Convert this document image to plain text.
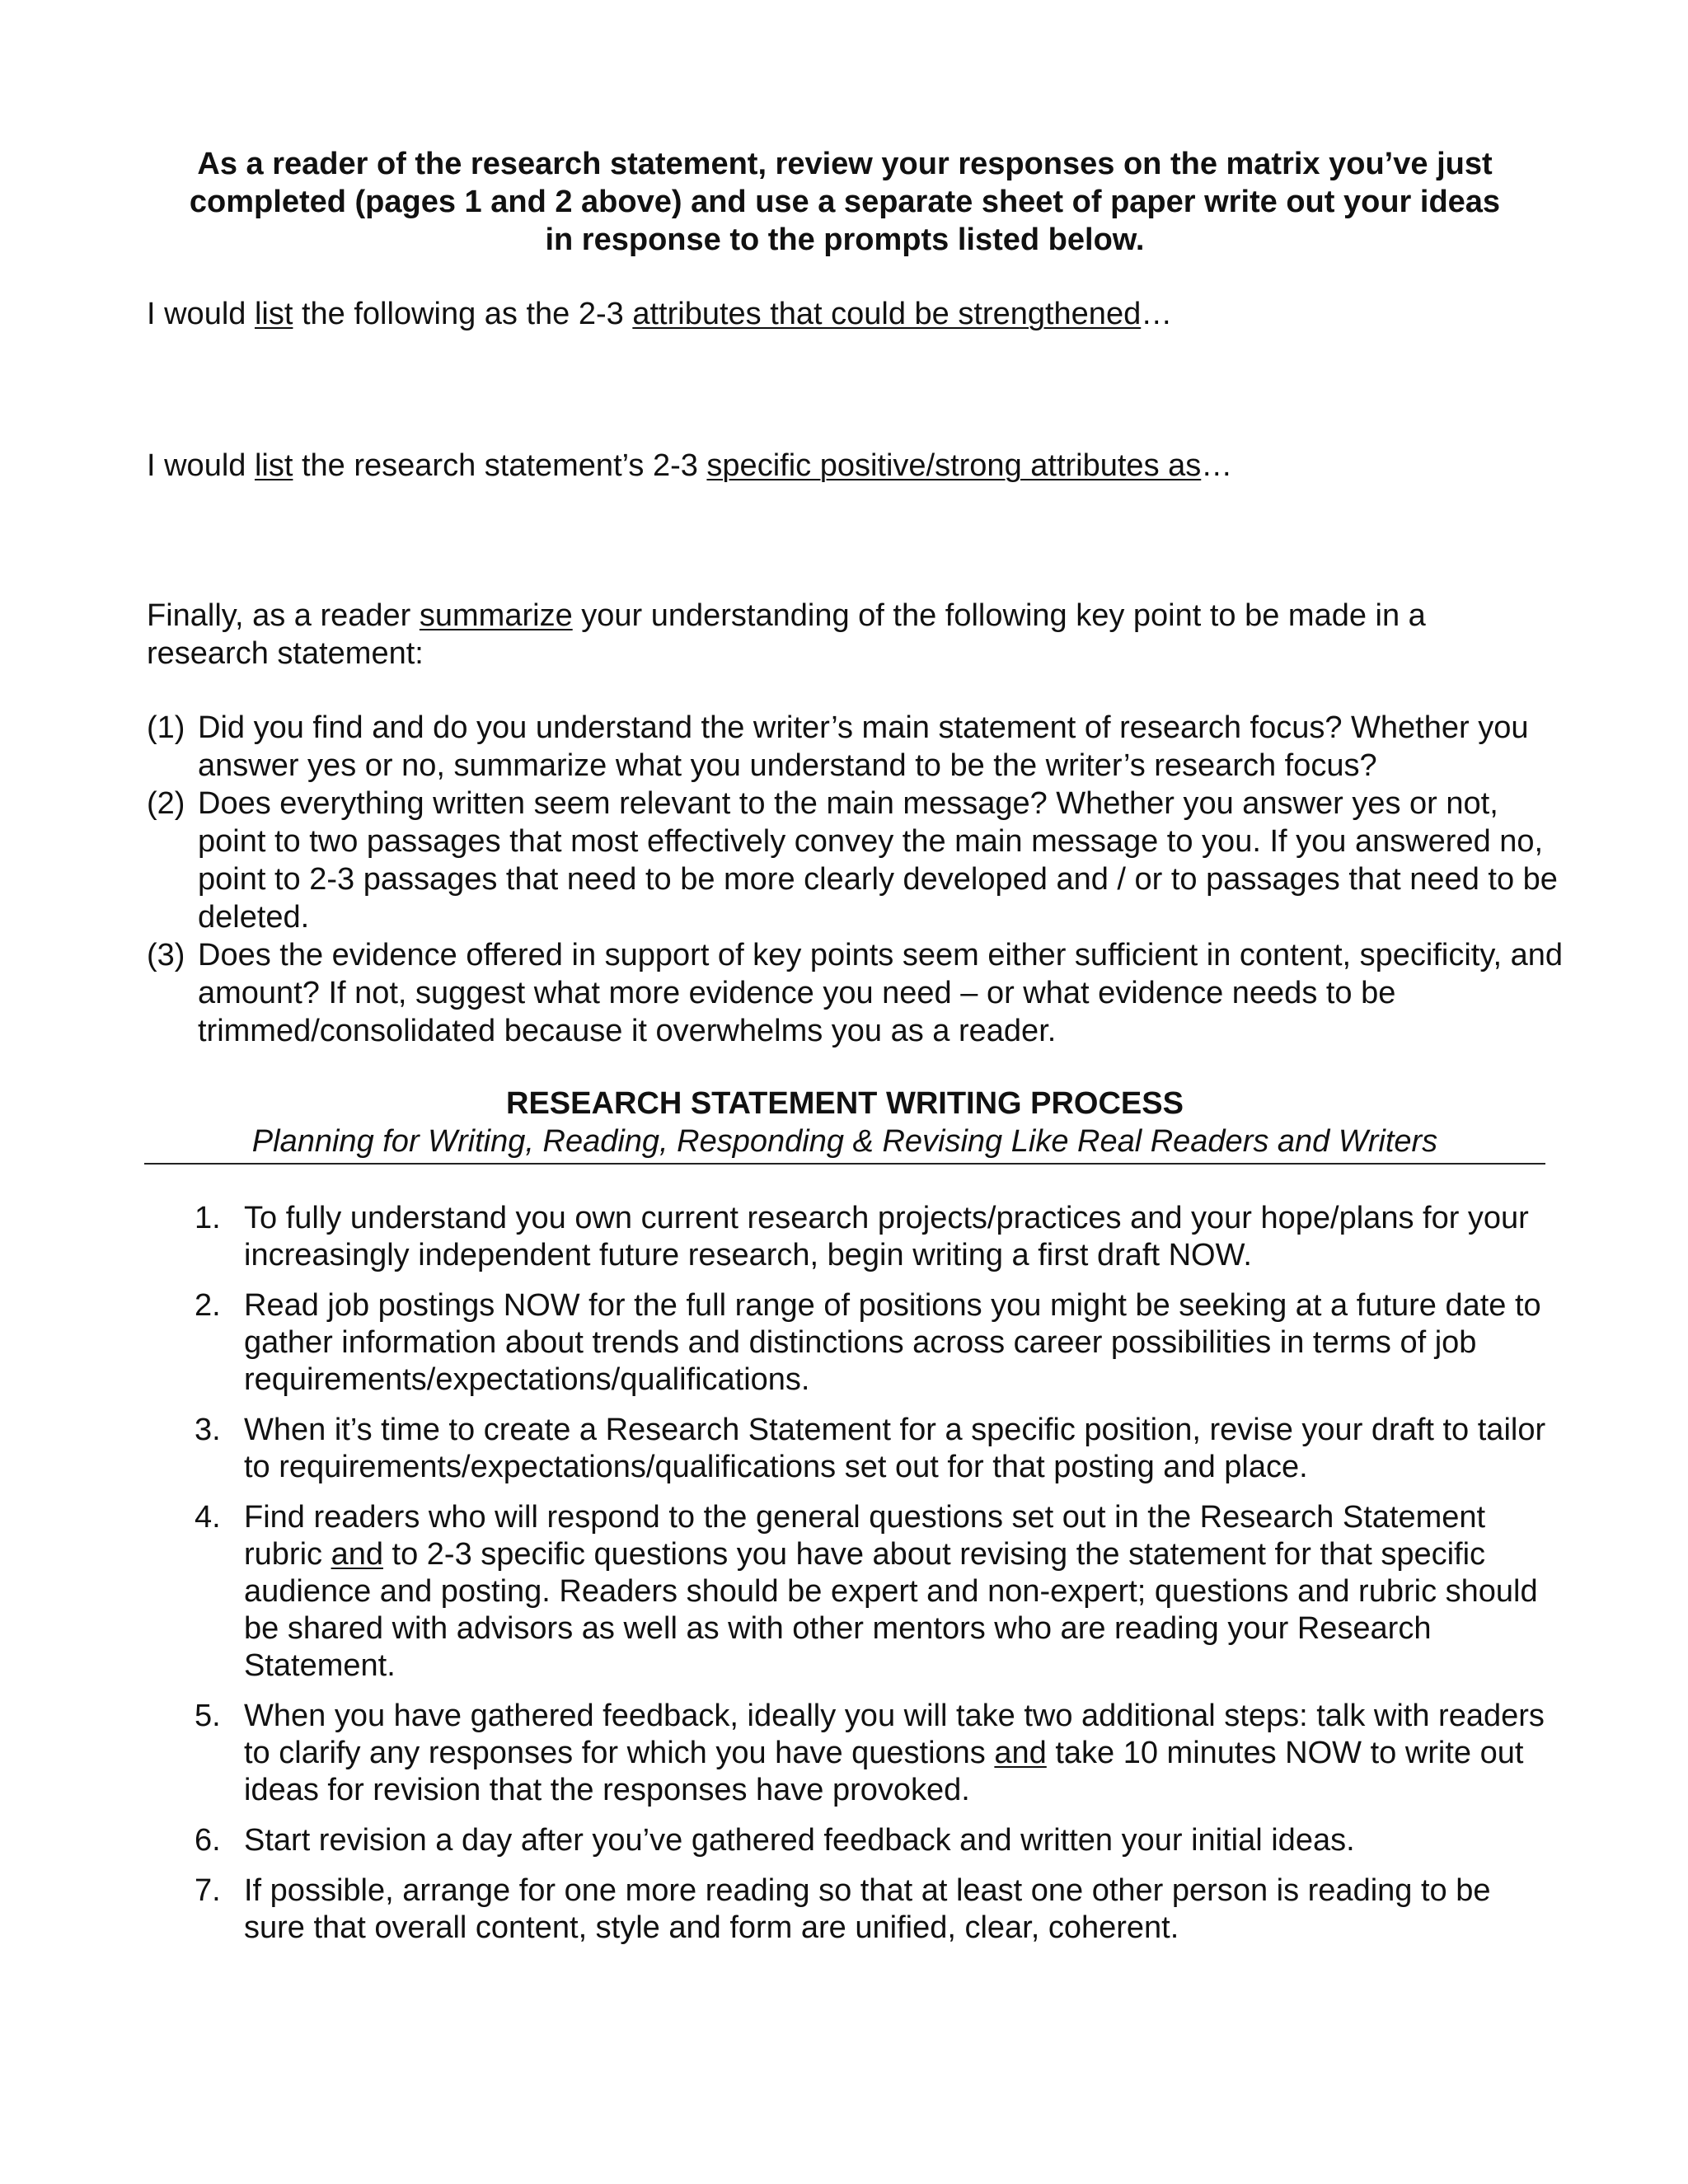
As a reader of the research statement, review your responses on the matrix you’ve just
completed (pages 1 and 2 above) and use a separate sheet of paper write out your ideas
in response to the prompts listed below.

I would list the following as the 2-3 attributes that could be strengthened…

I would list the research statement’s 2-3 specific positive/strong attributes as…

Finally, as a reader summarize your understanding of the following key point to be made in a
research statement:

(1) Did you find and do you understand the writer’s main statement of research focus? Whether you answer yes or no, summarize what you understand to be the writer’s research focus?
(2) Does everything written seem relevant to the main message? Whether you answer yes or not, point to two passages that most effectively convey the main message to you. If you answered no, point to 2-3 passages that need to be more clearly developed and / or to passages that need to be deleted.
(3) Does the evidence offered in support of key points seem either sufficient in content, specificity, and amount? If not, suggest what more evidence you need – or what evidence needs to be trimmed/consolidated because it overwhelms you as a reader.
RESEARCH STATEMENT WRITING PROCESS
Planning for Writing, Reading, Responding & Revising Like Real Readers and Writers
1. To fully understand you own current research projects/practices and your hope/plans for your increasingly independent future research, begin writing a first draft NOW.
2. Read job postings NOW for the full range of positions you might be seeking at a future date to gather information about trends and distinctions across career possibilities in terms of job requirements/expectations/qualifications.
3. When it’s time to create a Research Statement for a specific position, revise your draft to tailor to requirements/expectations/qualifications set out for that posting and place.
4. Find readers who will respond to the general questions set out in the Research Statement rubric and to 2-3 specific questions you have about revising the statement for that specific audience and posting. Readers should be expert and non-expert; questions and rubric should be shared with advisors as well as with other mentors who are reading your Research Statement.
5. When you have gathered feedback, ideally you will take two additional steps: talk with readers to clarify any responses for which you have questions and take 10 minutes NOW to write out ideas for revision that the responses have provoked.
6. Start revision a day after you’ve gathered feedback and written your initial ideas.
7. If possible, arrange for one more reading so that at least one other person is reading to be sure that overall content, style and form are unified, clear, coherent.
